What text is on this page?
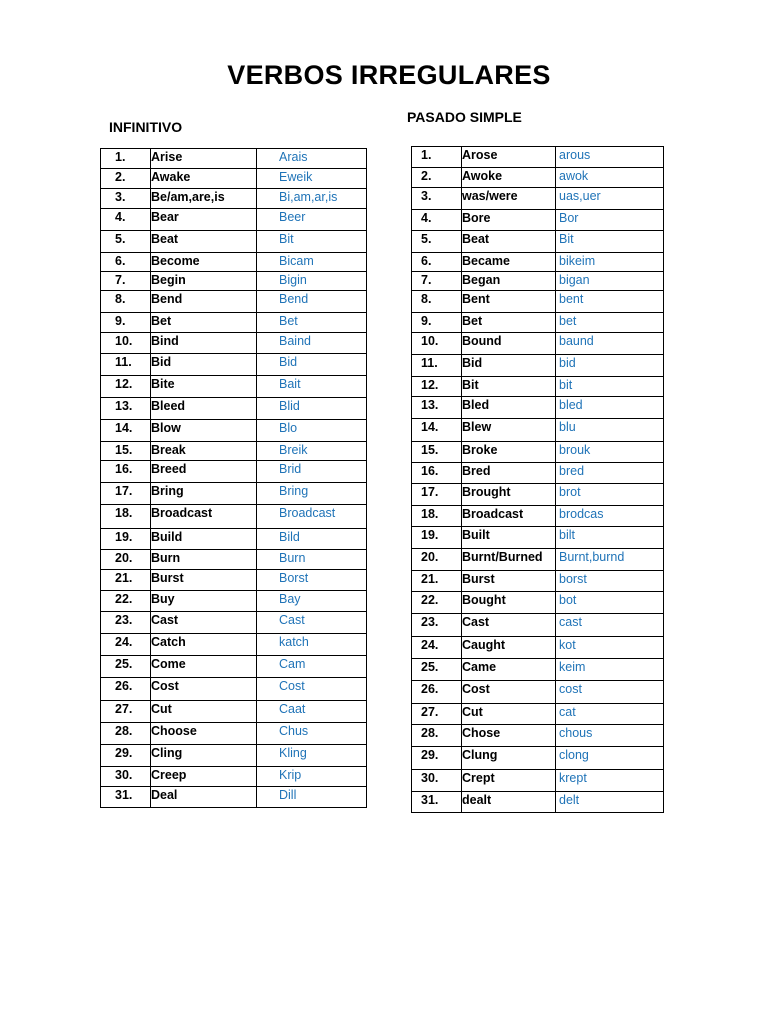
VERBOS IRREGULARES
INFINITIVO
PASADO SIMPLE
1.	Arise	Arais
2.	Awake	Eweik
3.	Be/am,are,is	Bi,am,ar,is
4.	Bear	Beer
5.	Beat	Bit
6.	Become	Bicam
7.	Begin	Bigin
8.	Bend	Bend
9.	Bet	Bet
10.	Bind	Baind
11.	Bid	Bid
12.	Bite	Bait
13.	Bleed	Blid
14.	Blow	Blo
15.	Break	Breik
16.	Breed	Brid
17.	Bring	Bring
18.	Broadcast	Broadcast
19.	Build	Bild
20.	Burn	Burn
21.	Burst	Borst
22.	Buy	Bay
23.	Cast	Cast
24.	Catch	katch
25.	Come	Cam
26.	Cost	Cost
27.	Cut	Caat
28.	Choose	Chus
29.	Cling	Kling
30.	Creep	Krip
31.	Deal	Dill
1.	Arose	arous
2.	Awoke	awok
3.	was/were	uas,uer
4.	Bore	Bor
5.	Beat	Bit
6.	Became	bikeim
7.	Began	bigan
8.	Bent	bent
9.	Bet	bet
10.	Bound	baund
11.	Bid	bid
12.	Bit	bit
13.	Bled	bled
14.	Blew	blu
15.	Broke	brouk
16.	Bred	bred
17.	Brought	brot
18.	Broadcast	brodcas
19.	Built	bilt
20.	Burnt/Burned	Burnt,burnd
21.	Burst	borst
22.	Bought	bot
23.	Cast	cast
24.	Caught	kot
25.	Came	keim
26.	Cost	cost
27.	Cut	cat
28.	Chose	chous
29.	Clung	clong
30.	Crept	krept
31.	dealt	delt
